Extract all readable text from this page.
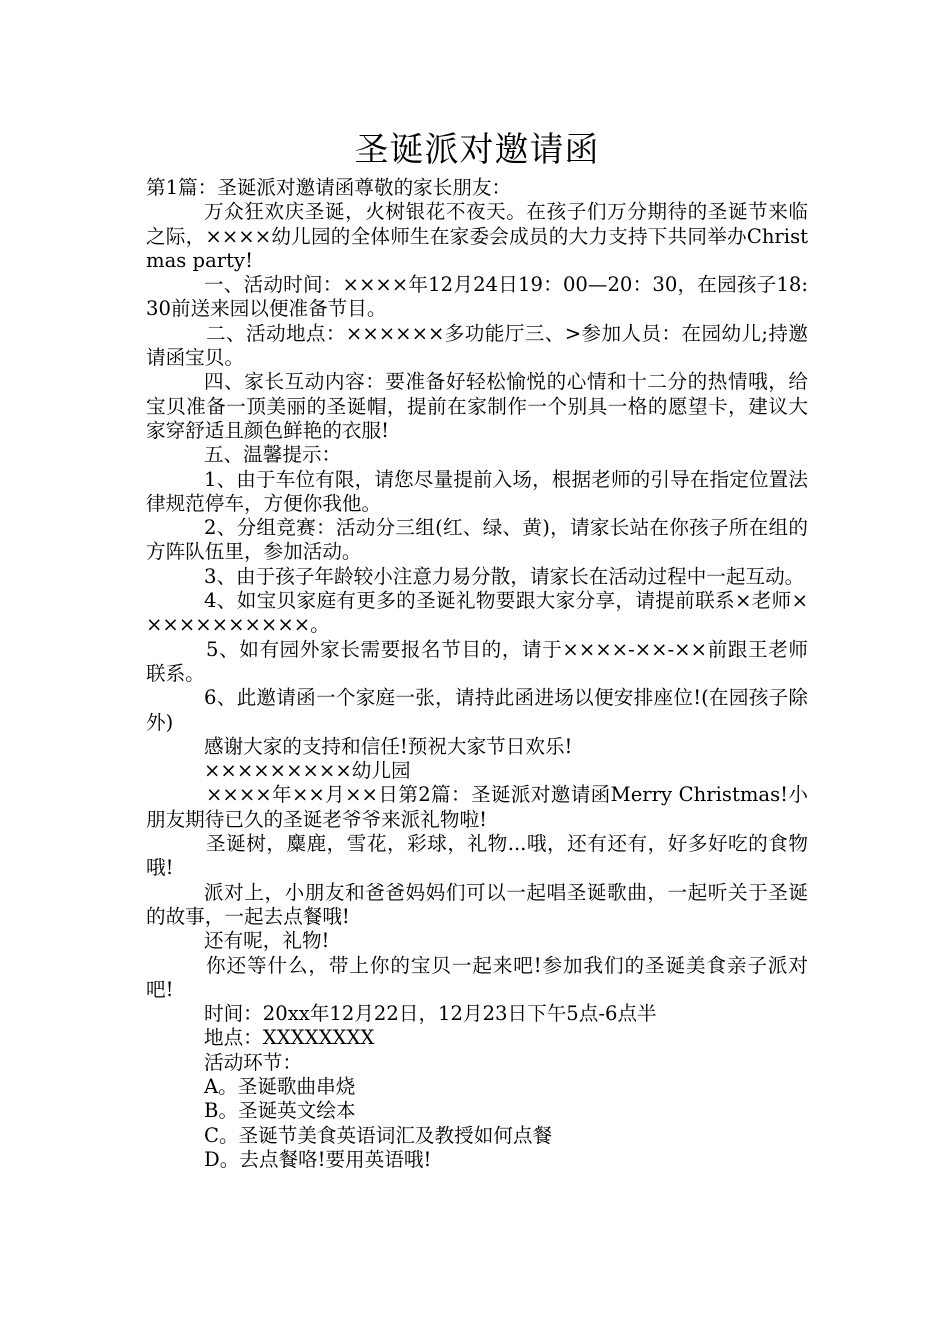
圣诞派对邀请函

第1篇：圣诞派对邀请函尊敬的家长朋友：

万众狂欢庆圣诞，火树银花不夜天。在孩子们万分期待的圣诞节来临之际，××××幼儿园的全体师生在家委会成员的大力支持下共同举办Christmas party!

一、活动时间：××××年12月24日19：00—20：30，在园孩子18:30前送来园以便准备节目。

二、活动地点：××××××多功能厅三、>参加人员：在园幼儿;持邀请函宝贝。

四、家长互动内容：要准备好轻松愉悦的心情和十二分的热情哦，给宝贝准备一顶美丽的圣诞帽，提前在家制作一个别具一格的愿望卡，建议大家穿舒适且颜色鲜艳的衣服!

五、温馨提示：

1、由于车位有限，请您尽量提前入场，根据老师的引导在指定位置法律规范停车，方便你我他。

2、分组竞赛：活动分三组(红、绿、黄)，请家长站在你孩子所在组的方阵队伍里，参加活动。

3、由于孩子年龄较小注意力易分散，请家长在活动过程中一起互动。

4、如宝贝家庭有更多的圣诞礼物要跟大家分享，请提前联系×老师×××××××××××。

5、如有园外家长需要报名节目的，请于××××-××-××前跟王老师联系。

6、此邀请函一个家庭一张，请持此函进场以便安排座位!(在园孩子除外)

感谢大家的支持和信任!预祝大家节日欢乐!

×××××××××幼儿园

××××年××月××日第2篇：圣诞派对邀请函Merry Christmas!小朋友期待已久的圣诞老爷爷来派礼物啦!

圣诞树，麋鹿，雪花，彩球，礼物...哦，还有还有，好多好吃的食物哦!

派对上，小朋友和爸爸妈妈们可以一起唱圣诞歌曲，一起听关于圣诞的故事，一起去点餐哦!

还有呢，礼物!

你还等什么，带上你的宝贝一起来吧!参加我们的圣诞美食亲子派对吧!

时间：20xx年12月22日，12月23日下午5点-6点半

地点：XXXXXXXX

活动环节：

A。圣诞歌曲串烧

B。圣诞英文绘本

C。圣诞节美食英语词汇及教授如何点餐

D。去点餐咯!要用英语哦!
